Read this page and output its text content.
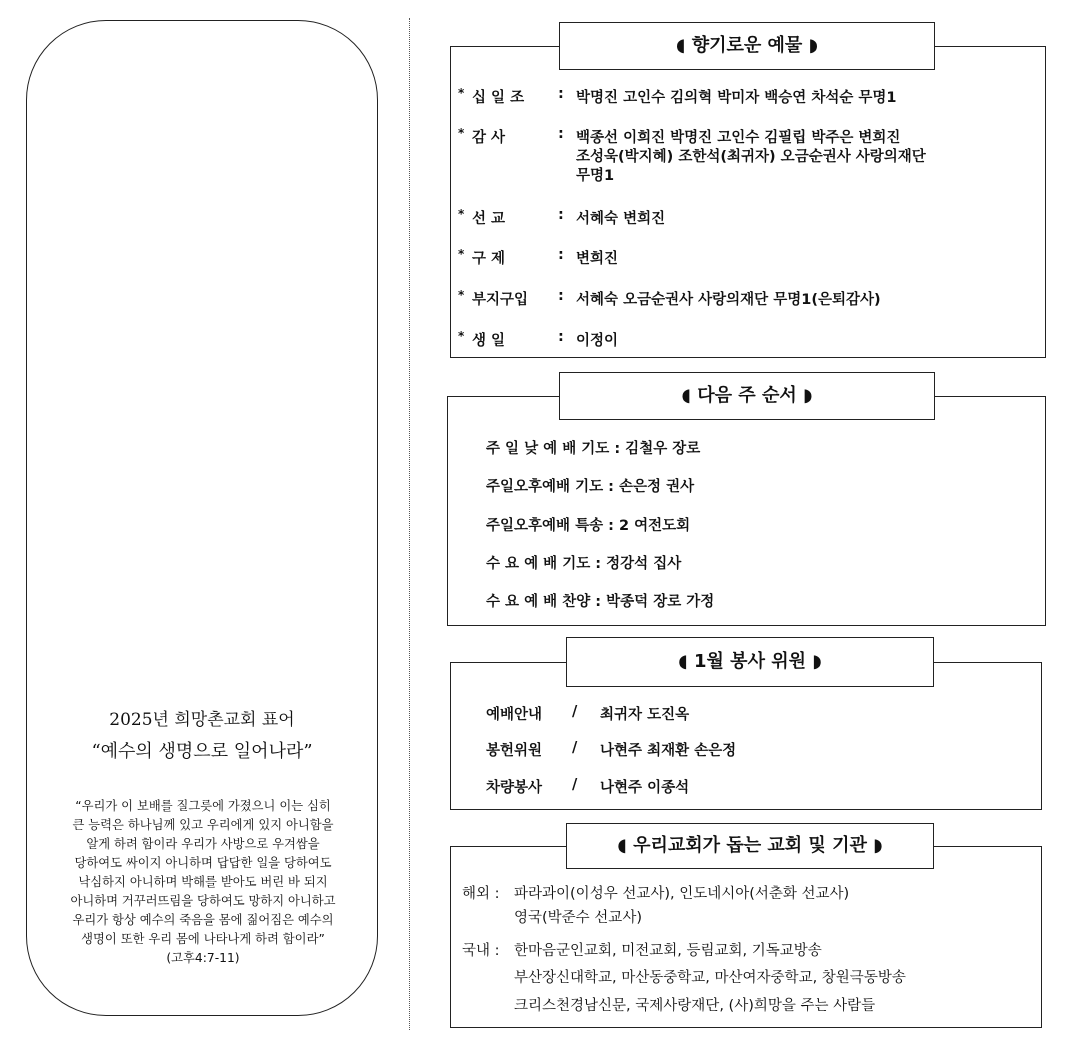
2025년 희망촌교회 표어
“예수의 생명으로 일어나라”
“우리가 이 보배를 질그릇에 가졌으니 이는 심히
큰 능력은 하나님께 있고 우리에게 있지 아니함을
알게 하려 함이라 우리가 사방으로 우겨쌈을
당하여도 싸이지 아니하며 답답한 일을 당하여도
낙심하지 아니하며 박해를 받아도 버린 바 되지
아니하며 거꾸러뜨림을 당하여도 망하지 아니하고
우리가 항상 예수의 죽음을 몸에 짊어짐은 예수의
생명이 또한 우리 몸에 나타나게 하려 함이라”
(고후4:7-11)
◖ 향기로운 예물 ◗
* 십 일 조 : 박명진 고인수 김의혁 박미자 백승연 차석순 무명1
* 감 사	: 백종선 이희진 박명진 고인수 김필립 박주은 변희진
조성욱(박지혜) 조한석(최귀자) 오금순권사 사랑의재단
무명1
* 선 교	: 서혜숙 변희진
* 구 제	: 변희진
* 부지구입 : 서혜숙 오금순권사 사랑의재단 무명1(은퇴감사)
* 생 일	: 이정이
◖ 다음 주 순서 ◗
주 일 낮 예 배 기도 : 김철우 장로
주일오후예배 기도 : 손은정 권사
주일오후예배 특송 : 2 여전도회
수 요 예 배 기도 : 정강석 집사
수 요 예 배 찬양 : 박종덕 장로 가정
◖ 1월 봉사 위원 ◗
예배안내 / 최귀자 도진옥
봉헌위원 / 나현주 최재환 손은정
차량봉사 / 나현주 이종석
◖ 우리교회가 돕는 교회 및 기관 ◗
해외 : 파라과이(이성우 선교사), 인도네시아(서춘화 선교사)
영국(박준수 선교사)
국내 : 한마음군인교회, 미전교회, 등림교회, 기독교방송
부산장신대학교, 마산동중학교, 마산여자중학교, 창원극동방송
크리스천경남신문, 국제사랑재단, (사)희망을 주는 사람들
